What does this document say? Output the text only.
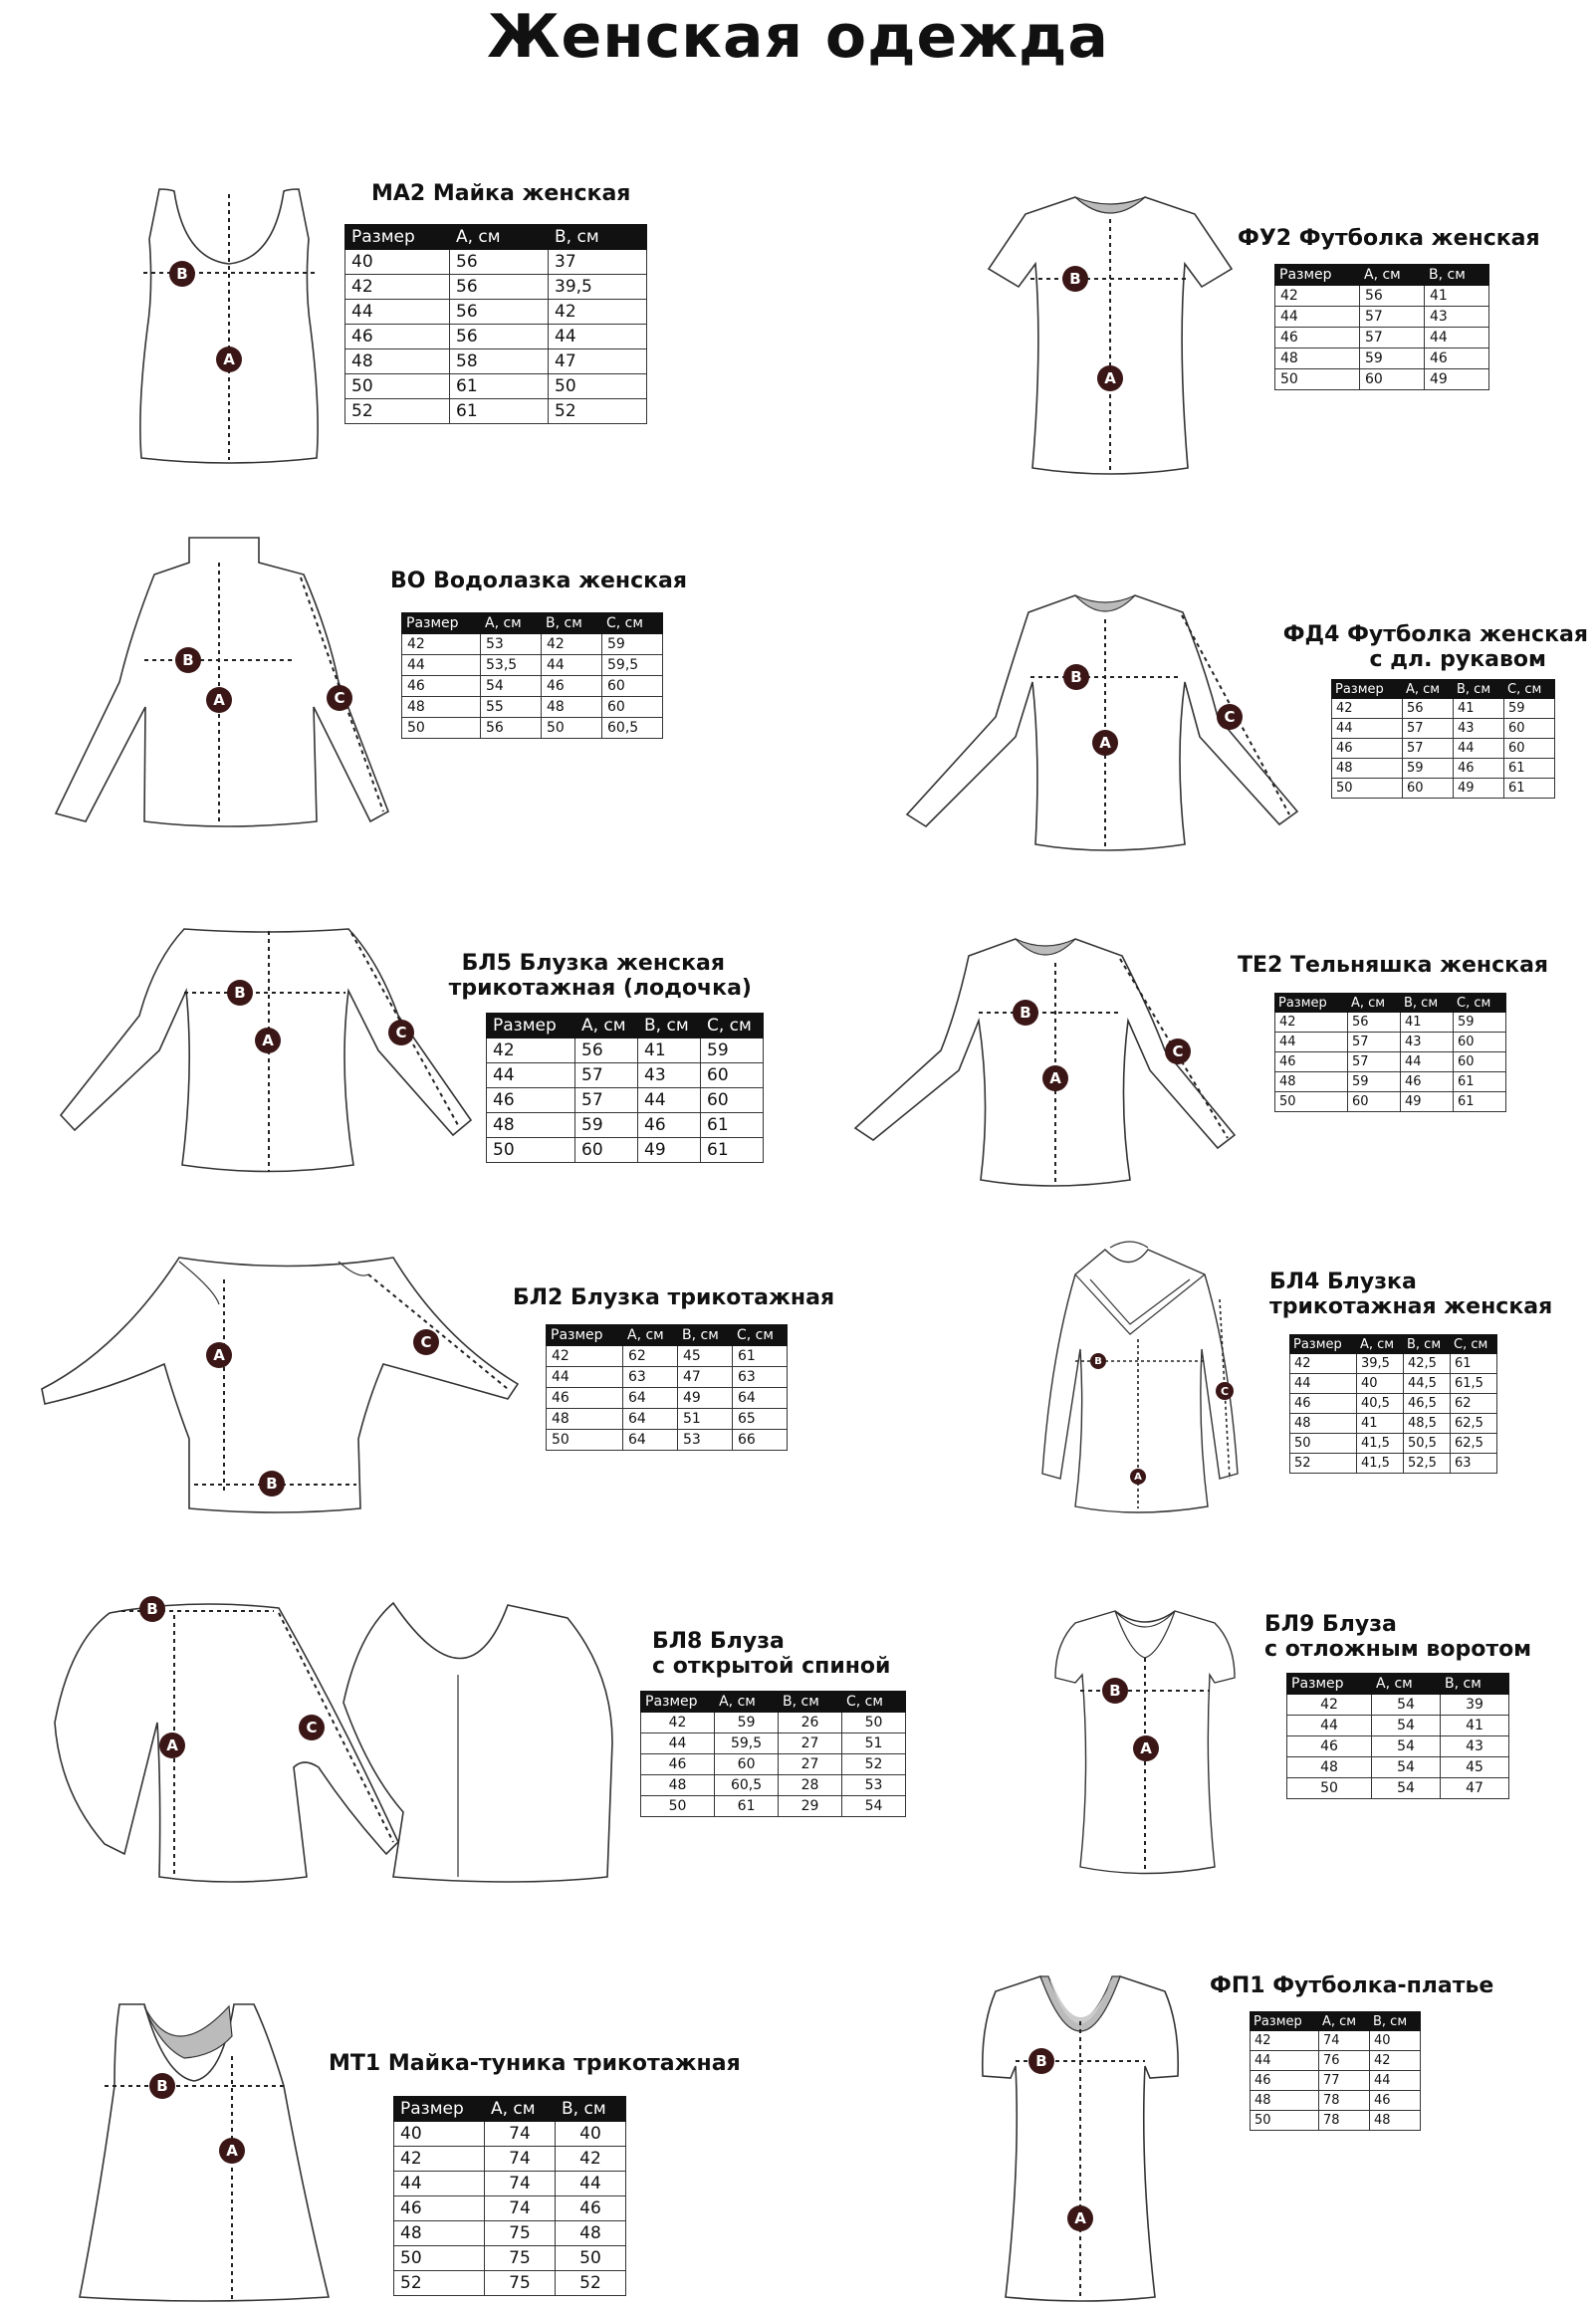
Женская одежда
B
A
МА2 Майка женская
Размер	А, см	В, см
40	56	37
42	56	39,5
44	56	42
46	56	44
48	58	47
50	61	50
52	61	52
B
A
ФУ2 Футболка женская
Размер	А, см	В, см
42	56	41
44	57	43
46	57	44
48	59	46
50	60	49
B
A	C
ВО Водолазка женская
Размер	А, см	В, см	С, см
42	53	42	59
44	53,5	44	59,5
46	54	46	60
48	55	48	60
50	56	50	60,5
B
A
C
ФД4 Футболка женская
с дл. рукавом
Размер	А, см	В, см	С, см
42	56	41	59
44	57	43	60
46	57	44	60
48	59	46	61
50	60	49	61
B
A	C
БЛ5 Блузка женская
трикотажная (лодочка)
Размер	А, см	В, см	С, см
42	56	41	59
44	57	43	60
46	57	44	60
48	59	46	61
50	60	49	61
B
A
C
ТЕ2 Тельняшка женская
Размер	А, см	В, см	С, см
42	56	41	59
44	57	43	60
46	57	44	60
48	59	46	61
50	60	49	61
A
B
C
БЛ2 Блузка трикотажная
Размер	А, см	В, см	С, см
42	62	45	61
44	63	47	63
46	64	49	64
48	64	51	65
50	64	53	66
B
A
C
БЛ4 Блузка
трикотажная женская
Размер	А, см	В, см	С, см
42	39,5	42,5	61
44	40	44,5	61,5
46	40,5	46,5	62
48	41	48,5	62,5
50	41,5	50,5	62,5
52	41,5	52,5	63
B
A
C
БЛ8 Блуза
с открытой спиной
Размер	А, см	В, см	С, см
42	59	26	50
44	59,5	27	51
46	60	27	52
48	60,5	28	53
50	61	29	54
B
A
БЛ9 Блуза
с отложным воротом
Размер	А, см	В, см
42	54	39
44	54	41
46	54	43
48	54	45
50	54	47
B
A
МТ1 Майка-туника трикотажная
Размер	А, см	В, см
40	74	40
42	74	42
44	74	44
46	74	46
48	75	48
50	75	50
52	75	52
B
A
ФП1 Футболка-платье
Размер	А, см	В, см
42	74	40
44	76	42
46	77	44
48	78	46
50	78	48
